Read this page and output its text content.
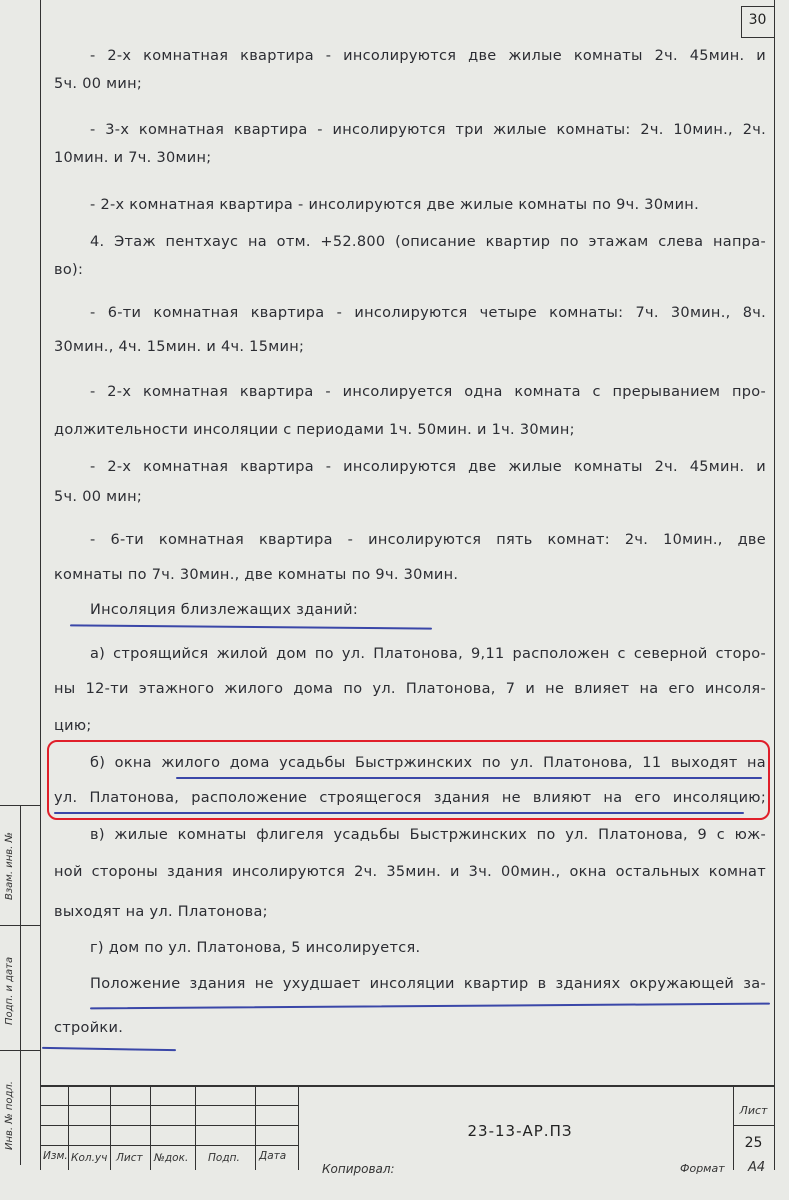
30
- 2-х комнатная квартира - инсолируются две жилые комнаты 2ч. 45мин. и
5ч. 00 мин;
- 3-х комнатная квартира - инсолируются три жилые комнаты: 2ч. 10мин., 2ч.
10мин. и 7ч. 30мин;
- 2-х комнатная квартира - инсолируются две жилые комнаты по 9ч. 30мин.
4. Этаж пентхаус на отм. +52.800 (описание квартир по этажам слева напра-
во):
- 6-ти комнатная квартира - инсолируются четыре комнаты: 7ч. 30мин., 8ч.
30мин., 4ч. 15мин. и 4ч. 15мин;
- 2-х комнатная квартира - инсолируется одна комната с прерыванием про-
должительности инсоляции с периодами 1ч. 50мин. и 1ч. 30мин;
- 2-х комнатная квартира - инсолируются две жилые комнаты 2ч. 45мин. и
5ч. 00 мин;
- 6-ти комнатная квартира - инсолируются пять комнат: 2ч. 10мин., две
комнаты по 7ч. 30мин., две комнаты по 9ч. 30мин.
Инсоляция близлежащих зданий:
а) строящийся жилой дом по ул. Платонова, 9,11 расположен с северной сторо-
ны 12-ти этажного жилого дома по ул. Платонова, 7 и не влияет на его инсоля-
цию;
б) окна жилого дома усадьбы Быстржинских по ул. Платонова, 11 выходят на
ул. Платонова, расположение строящегося здания не влияют на его инсоляцию;
в) жилые комнаты флигеля усадьбы Быстржинских по ул. Платонова, 9 с юж-
ной стороны здания инсолируются 2ч. 35мин. и 3ч. 00мин., окна остальных комнат
выходят на ул. Платонова;
г) дом по ул. Платонова, 5 инсолируется.
Положение здания не ухудшает инсоляции квартир в зданиях окружающей за-
стройки.
Взам. инв. №
Подп. и дата
Инв. № подл.
Изм. Кол.уч Лист №док. Подп. Дата
23-13-АР.ПЗ
Лист
25
Копировал:	Формат А4
